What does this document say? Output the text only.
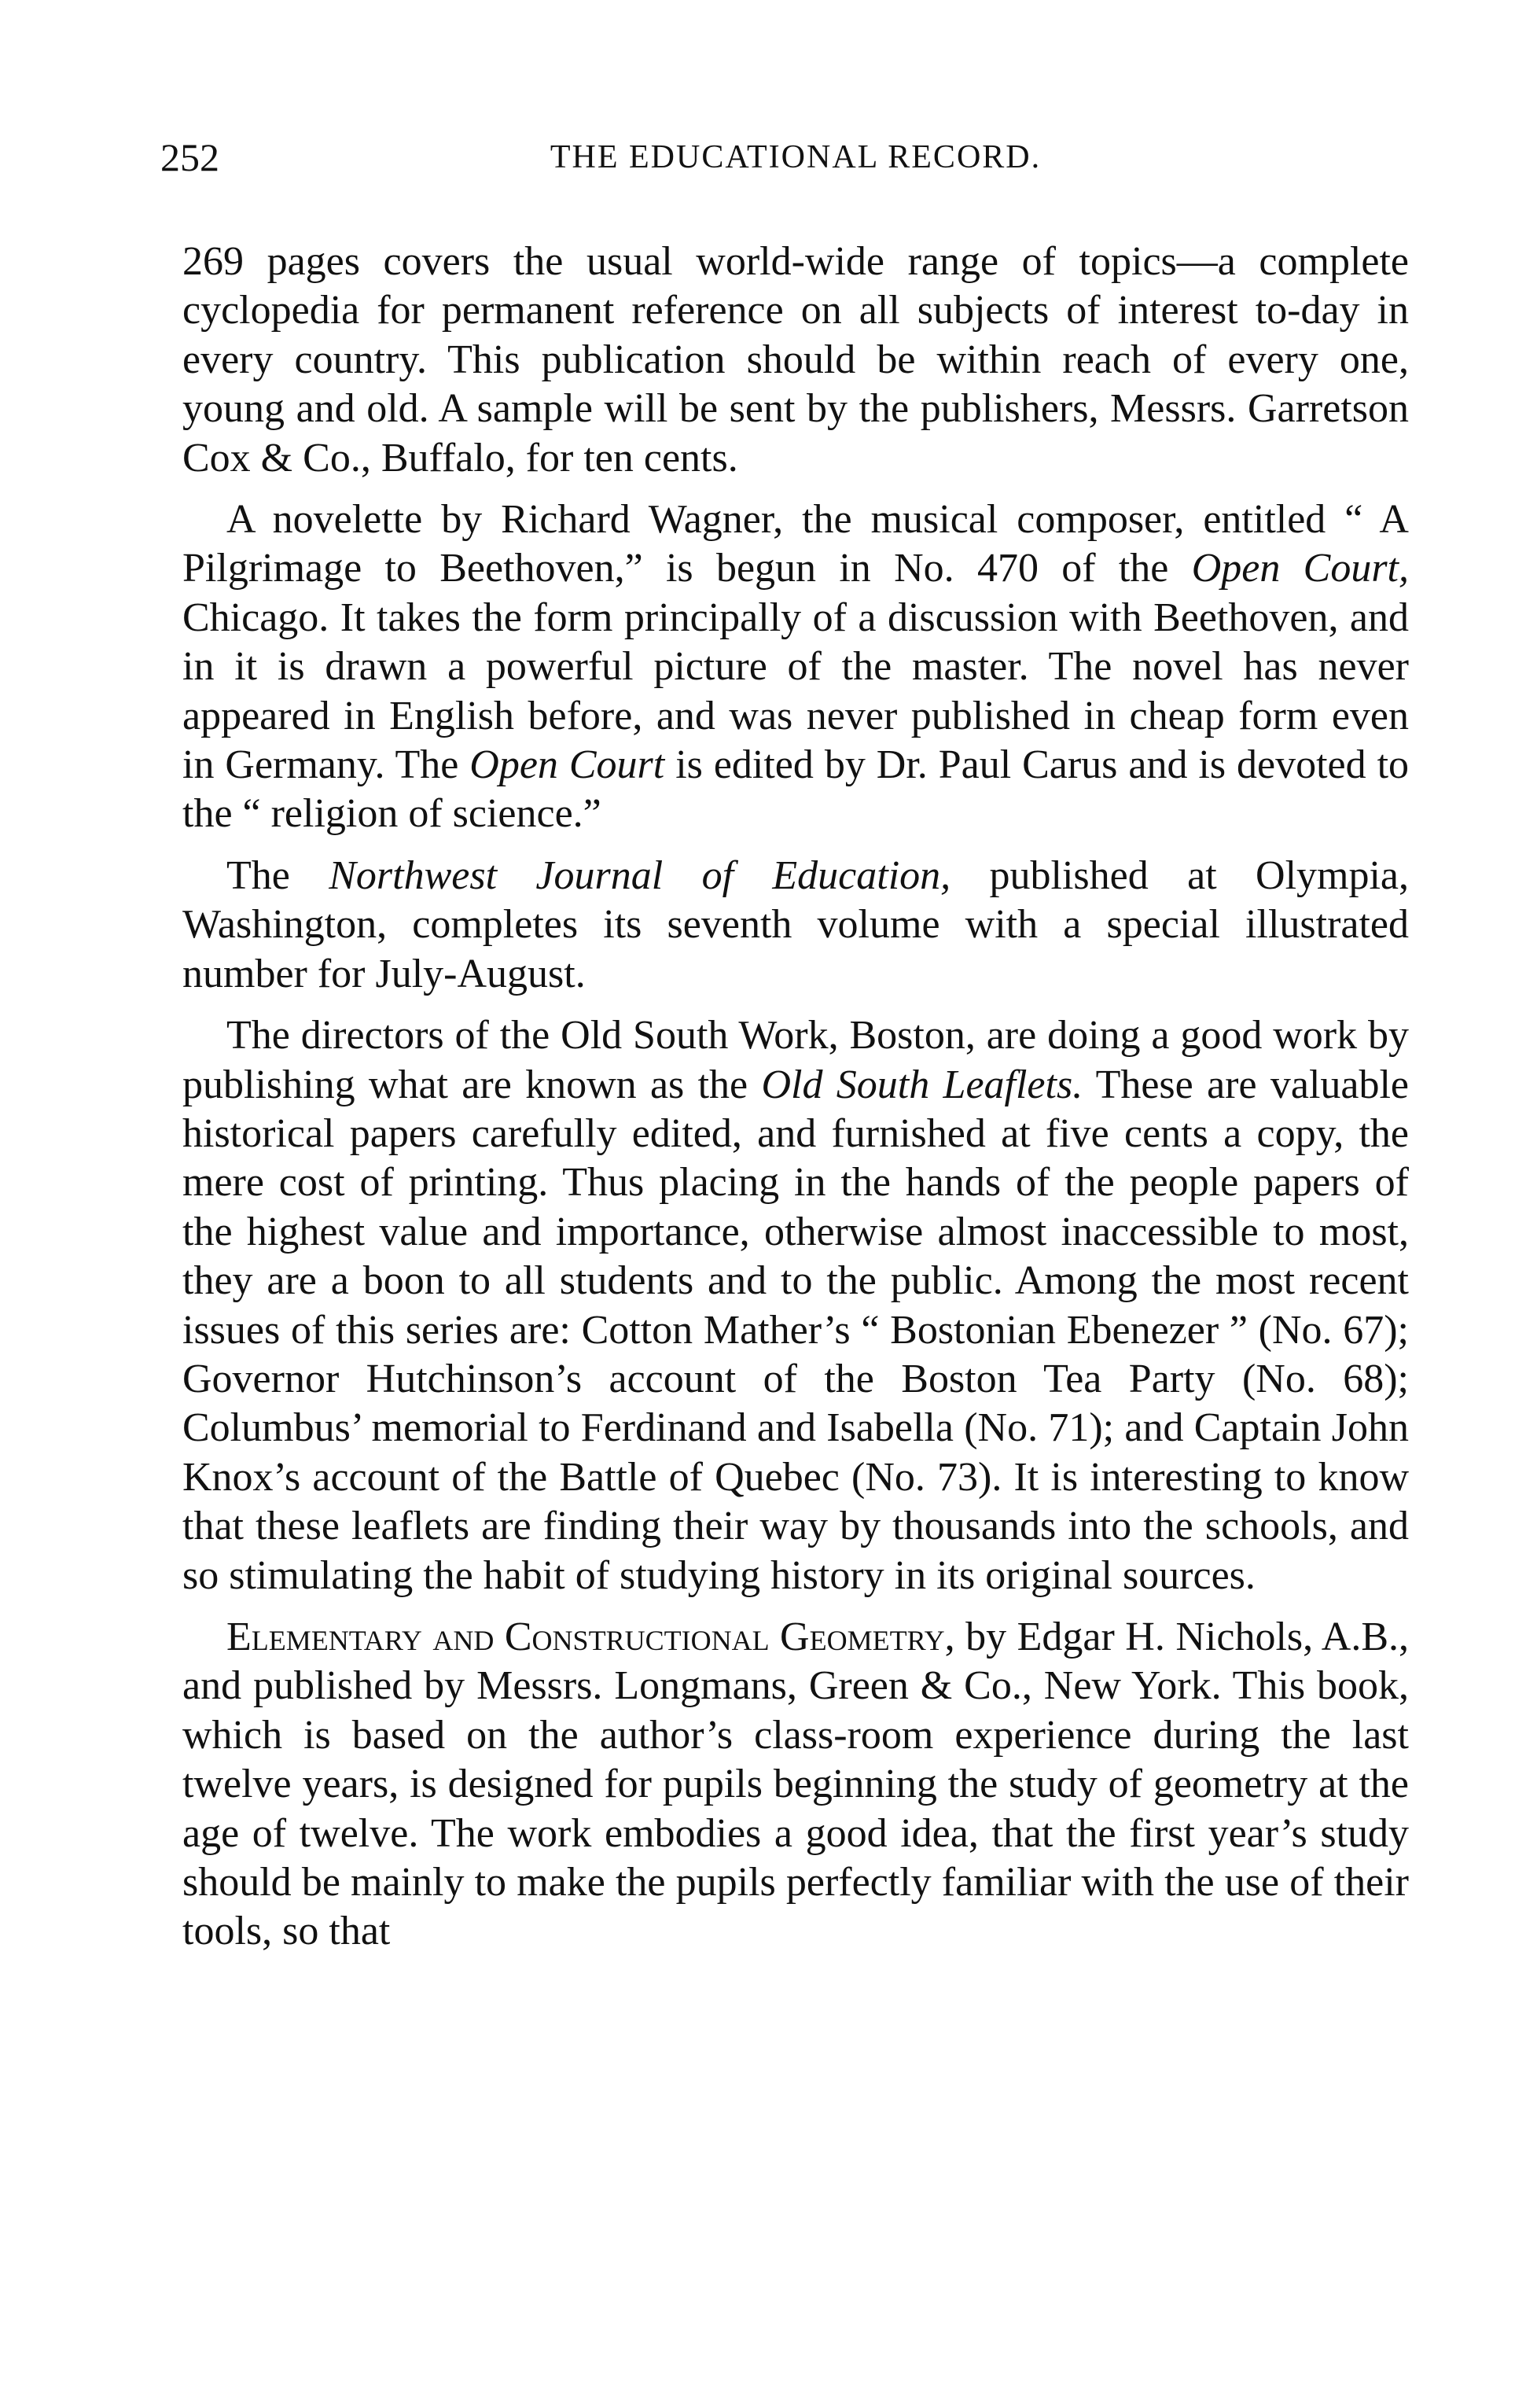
252	THE EDUCATIONAL RECORD.

269 pages covers the usual world-wide range of topics—a complete cyclopedia for permanent reference on all subjects of interest to-day in every country. This publication should be within reach of every one, young and old. A sample will be sent by the publishers, Messrs. Garretson Cox & Co., Buffalo, for ten cents.

A novelette by Richard Wagner, the musical composer, entitled “ A Pilgrimage to Beethoven,” is begun in No. 470 of the Open Court, Chicago. It takes the form principally of a discussion with Beethoven, and in it is drawn a powerful picture of the master. The novel has never appeared in English before, and was never published in cheap form even in Germany. The Open Court is edited by Dr. Paul Carus and is devoted to the “ religion of science.”

The Northwest Journal of Education, published at Olympia, Washington, completes its seventh volume with a special illustrated number for July-August.

The directors of the Old South Work, Boston, are doing a good work by publishing what are known as the Old South Leaflets. These are valuable historical papers carefully edited, and furnished at five cents a copy, the mere cost of printing. Thus placing in the hands of the people papers of the highest value and importance, otherwise almost inaccessible to most, they are a boon to all students and to the public. Among the most recent issues of this series are: Cotton Mather’s “ Bostonian Ebenezer ” (No. 67); Governor Hutchinson’s account of the Boston Tea Party (No. 68); Columbus’ memorial to Ferdinand and Isabella (No. 71); and Captain John Knox’s account of the Battle of Quebec (No. 73). It is interesting to know that these leaflets are finding their way by thousands into the schools, and so stimulating the habit of studying history in its original sources.

Elementary and Constructional Geometry, by Edgar H. Nichols, A.B., and published by Messrs. Longmans, Green & Co., New York. This book, which is based on the author’s class-room experience during the last twelve years, is designed for pupils beginning the study of geometry at the age of twelve. The work embodies a good idea, that the first year’s study should be mainly to make the pupils perfectly familiar with the use of their tools, so that
